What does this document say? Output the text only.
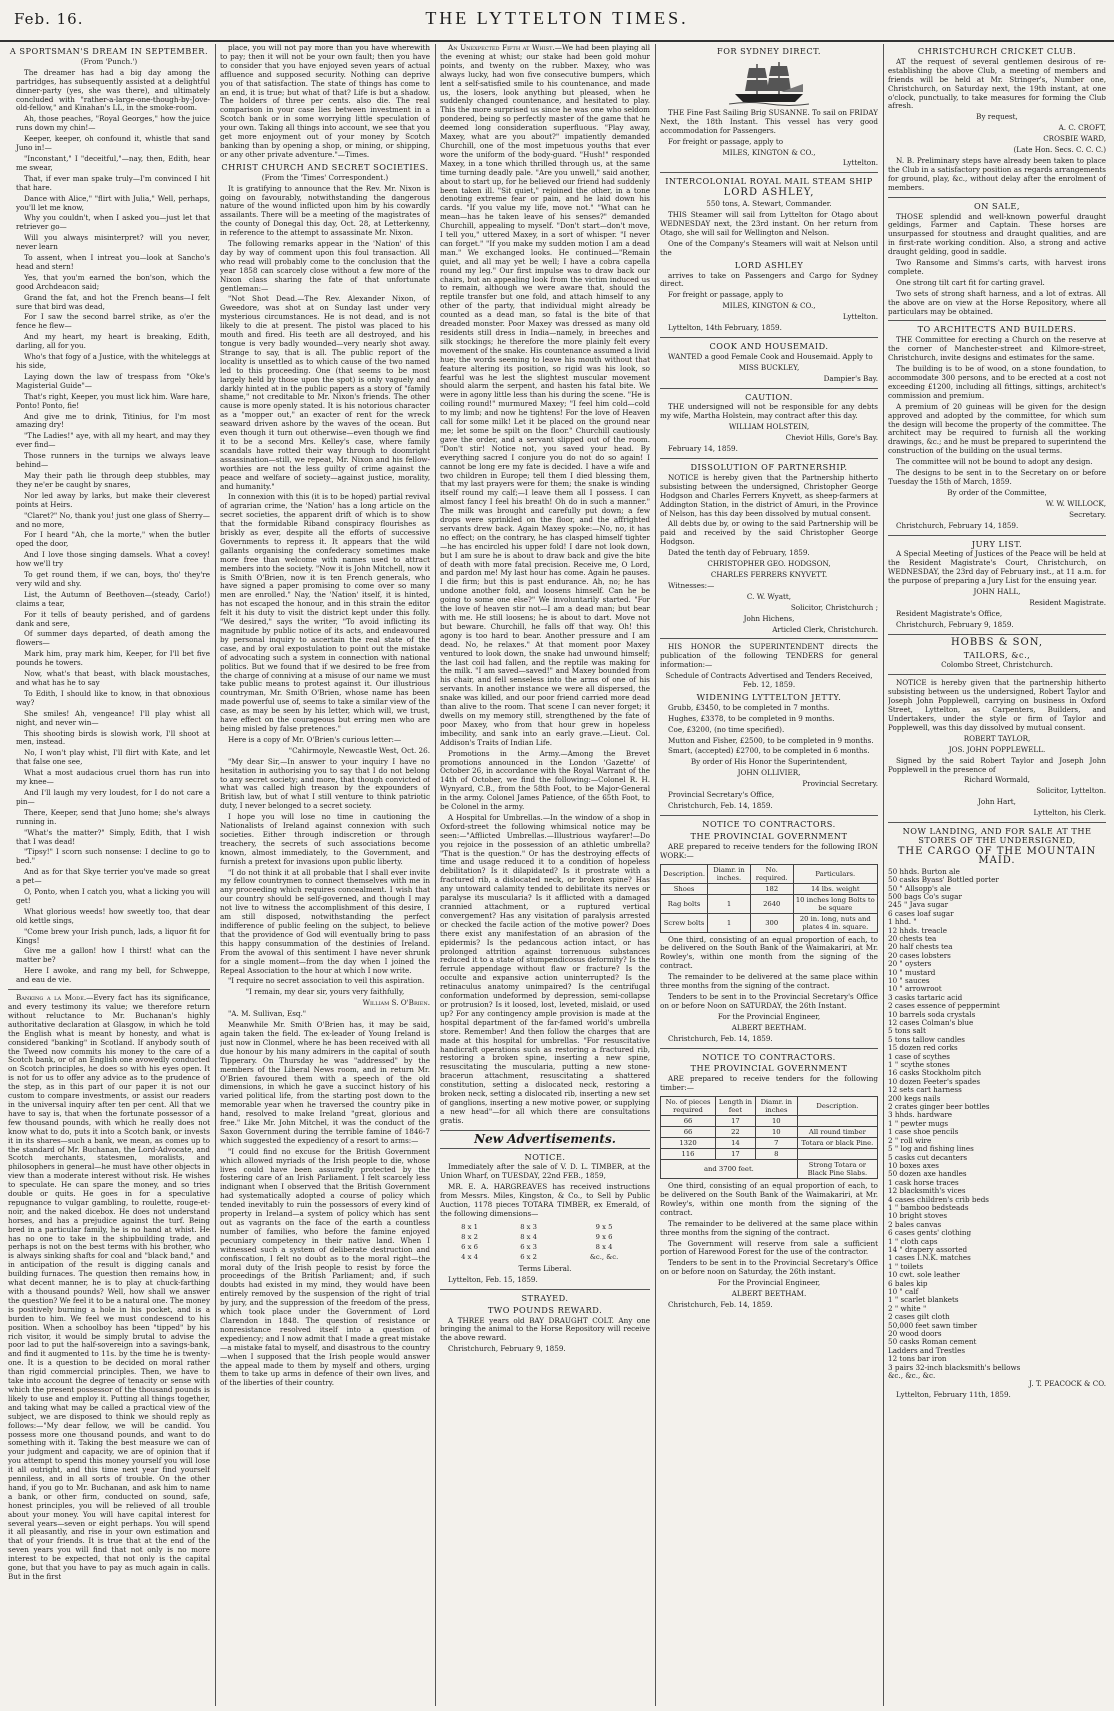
Feb. 16.	THE LYTTELTON TIMES.
A SPORTSMAN'S DREAM IN SEPTEMBER.

(From 'Punch.')

The dreamer has had a big day among the partridges, has subsequently assisted at a delightful dinner-party (yes, she was there), and ultimately concluded with "rather-a-large-one-though-by-Jove-old-fellow," and Kinahan's LL, in the smoke-room.

Ah, those peaches, "Royal Georges," how the juice runs down my chin!—

Keeper, keeper, oh confound it, whistle that sand Juno in!—

"Inconstant," I "deceitful,"—nay, then, Edith, hear me swear,

That, if ever man spake truly—I'm convinced I hit that hare.

Dance with Alice," "flirt with Julia," Well, perhaps, you'll let me know,

Why you couldn't, when I asked you—just let that retriever go—

Will you always misinterpret? will you never, never learn

To assent, when I intreat you—look at Sancho's head and stern!

Yes, that you'm earned the bon'son, which the good Archdeacon said;

Grand the fat, and hot the French beans—I felt sure that bird was dead,

For I saw the second barrel strike, as o'er the fence he flew—

And my heart, my heart is breaking, Edith, darling, all for you.

Who's that fogy of a Justice, with the whiteleggs at his side,

Laying down the law of trespass from "Oke's Magisterial Guide"—

That's right, Keeper, you must lick him. Ware hare, Ponto! Ponto, fie!

And give me to drink, Titinius, for I'm most amazing dry!

"The Ladies!" aye, with all my heart, and may they ever find—

Those runners in the turnips we always leave behind—

May their path lie through deep stubbles, may they ne'er be caught by snares,

Nor led away by larks, but make their cleverest points at Heirs.

"Claret?" No, thank you! just one glass of Sherry—and no more,

For I heard "Ah, che la morte," when the butler oped the door,

And I love those singing damsels. What a covey! how we'll try

To get round them, if we can, boys, tho' they're very wild and shy.

List, the Autumn of Beethoven—(steady, Carlo!) claims a tear,

For it tells of beauty perished, and of gardens dank and sere,

Of summer days departed, of death among the flowers—

Mark him, pray mark him, Keeper, for I'll bet five pounds he towers.

Now, what's that beast, with black moustaches, and what has he to say

To Edith, I should like to know, in that obnoxious way?

She smiles! Ah, vengeance! I'll play whist all night, and never win—

This shooting birds is slowish work, I'll shoot at men, instead.

No, I won't play whist, I'll flirt with Kate, and let that false one see,

What a most audacious cruel thorn has run into my knee—

And I'll laugh my very loudest, for I do not care a pin—

There, Keeper, send that Juno home; she's always running in.

"What's the matter?" Simply, Edith, that I wish that I was dead!

"Tipsy!" I scorn such nonsense: I decline to go to bed."

And as for that Skye terrier you've made so great a pet—

O, Ponto, when I catch you, what a licking you will get!

What glorious weeds! how sweetly too, that dear old kettle sings,

"Come brew your Irish punch, lads, a liquor fit for Kings!

Give me a gallon! how I thirst! what can the matter be?

Here I awoke, and rang my bell, for Schweppe, and eau de vie.

Banking a la Mode.—Every fact has its significance, and every testimony its value; we therefore return without reluctance to Mr. Buchanan's highly authoritative declaration at Glasgow, in which he told the English what is meant by honesty, and what is considered "banking" in Scotland. If anybody south of the Tweed now commits his money to the care of a Scotch bank, or of an English one avowedly conducted on Scotch principles, he does so with his eyes open. It is not for us to offer any advice as to the prudence of the step, as in this part of our paper it is not our custom to compare investments, or assist our readers in the universal inquiry after ten per cent. All that we have to say is, that when the fortunate possessor of a few thousand pounds, with which he really does not know what to do, puts it into a Scotch bank, or invests it in its shares—such a bank, we mean, as comes up to the standard of Mr. Buchanan, the Lord-Advocate, and Scotch merchants, statesmen, moralists, and philosophers in general—he must have other objects in view than a moderate interest without risk. He wishes to speculate. He can spare the money, and so tries double or quits. He goes in for a speculative repugnance to vulgar gambling, to roulette, rouge-et-noir, and the naked dicebox. He does not understand horses, and has a prejudice against the turf. Being bred in a particular family, he is no hand at whist. He has no one to take in the shipbuilding trade, and perhaps is not on the best terms with his brother, who is always sinking shafts for coal and "black band," and in anticipation of the result is digging canals and building furnaces. The question then remains how, in what decent manner, he is to play at chuck-farthing with a thousand pounds? Well, how shall we answer the question? We feel it to be a natural one. The money is positively burning a hole in his pocket, and is a burden to him. We feel we must condescend to his position. When a schoolboy has been "tipped" by his rich visitor, it would be simply brutal to advise the poor lad to put the half-sovereign into a savings-bank, and find it augmented to 11s. by the time he is twenty-one. It is a question to be decided on moral rather than rigid commercial principles. Then, we have to take into account the degree of tenacity or sense with which the present possessor of the thousand pounds is likely to use and employ it. Putting all things together, and taking what may be called a practical view of the subject, we are disposed to think we should reply as follows:—"My dear fellow, we will be candid. You possess more one thousand pounds, and want to do something with it. Taking the best measure we can of your judgment and capacity, we are of opinion that if you attempt to spend this money yourself you will lose it all outright, and this time next year find yourself penniless, and in all sorts of trouble. On the other hand, if you go to Mr. Buchanan, and ask him to name a bank, or other firm, conducted on sound, safe, honest principles, you will be relieved of all trouble about your money. You will have capital interest for several years—seven or eight perhaps. You will spend it all pleasantly, and rise in your own estimation and that of your friends. It is true that at the end of the seven years you will find that not only is no more interest to be expected, that not only is the capital gone, but that you have to pay as much again in calls. But in the first

place, you will not pay more than you have wherewith to pay; then it will not be your own fault; then you have to consider that you have enjoyed seven years of actual affluence and supposed security. Nothing can deprive you of that satisfaction. The state of things has come to an end, it is true; but what of that? Life is but a shadow. The holders of three per cents. also die. The real comparison in your case lies between investment in a Scotch bank or in some worrying little speculation of your own. Taking all things into account, we see that you get more enjoyment out of your money by Scotch banking than by opening a shop, or mining, or shipping, or any other private adventure."—Times.

CHRIST CHURCH AND SECRET SOCIETIES.

(From the 'Times' Correspondent.)

It is gratifying to announce that the Rev. Mr. Nixon is going on favourably, notwithstanding the dangerous nature of the wound inflicted upon him by his cowardly assailants. There will be a meeting of the magistrates of the county of Donegal this day, Oct. 28, at Letterkenny, in reference to the attempt to assassinate Mr. Nixon.

The following remarks appear in the 'Nation' of this day by way of comment upon this foul transaction. All who read will probably come to the conclusion that the year 1858 can scarcely close without a few more of the Nixon class sharing the fate of that unfortunate gentleman:—

"Not Shot Dead.—The Rev. Alexander Nixon, of Gweedore, was shot at on Sunday last under very mysterious circumstances. He is not dead, and is not likely to die at present. The pistol was placed to his mouth and fired. His teeth are all destroyed, and his tongue is very badly wounded—very nearly shot away. Strange to say, that is all. The public report of the locality is unsettled as to which cause of the two named led to this proceeding. One (that seems to be most largely held by those upon the spot) is only vaguely and darkly hinted at in the public papers as a story of "family shame," not creditable to Mr. Nixon's friends. The other cause is more openly stated. It is his notorious character as a "mopper out," an exacter of rent for the wreck seaward driven ashore by the waves of the ocean. But even though it turn out otherwise—even though we find it to be a second Mrs. Kelley's case, where family scandals have rotted their way through to doomright assassination—still, we repeat, Mr. Nixon and his fellow-worthies are not the less guilty of crime against the peace and welfare of society—against justice, morality, and humanity."

In connexion with this (it is to be hoped) partial revival of agrarian crime, the 'Nation' has a long article on the secret societies, the apparent drift of which is to show that the formidable Riband conspiracy flourishes as briskly as ever, despite all the efforts of successive Governments to repress it. It appears that the wild gallants organising the confederacy sometimes make more free than welcome with names used to attract members into the society. "Now it is John Mitchell, now it is Smith O'Brien, now it is ten French generals, who have signed a paper promising to come over so many men are enrolled." Nay, the 'Nation' itself, it is hinted, has not escaped the honour, and in this strain the editor felt it his duty to visit the district kept under this folly. "We desired," says the writer, "To avoid inflicting its magnitude by public notice of its acts, and endeavoured by personal inquiry to ascertain the real state of the case, and by oral expostulation to point out the mistake of advocating such a system in connection with national politics. But we found that if we desired to be free from the charge of conniving at a misuse of our name we must take public means to protest against it. Our illustrious countryman, Mr. Smith O'Brien, whose name has been made powerful use of, seems to take a similar view of the case, as may be seen by his letter, which will, we trust, have effect on the courageous but erring men who are being misled by false pretences."

Here is a copy of Mr. O'Brien's curious letter:—

"Cahirmoyle, Newcastle West, Oct. 26.

"My dear Sir,—In answer to your inquiry I have no hesitation in authorising you to say that I do not belong to any secret society; and more, that though convicted of what was called high treason by the expounders of British law, but of what I still venture to think patriotic duty, I never belonged to a secret society.

I hope you will lose no time in cautioning the Nationalists of Ireland against connexion with such societies. Either through indiscretion or through treachery, the secrets of such associations become known, almost immediately, to the Government, and furnish a pretext for invasions upon public liberty.

"I do not think it at all probable that I shall ever invite my fellow countrymen to connect themselves with me in any proceeding which requires concealment. I wish that our country should be self-governed, and though I may not live to witness the accomplishment of this desire, I am still disposed, notwithstanding the perfect indifference of public feeling on the subject, to believe that the providence of God will eventually bring to pass this happy consummation of the destinies of Ireland. From the avowal of this sentiment I have never shrunk for a single moment—from the day when I joined the Repeal Association to the hour at which I now write.

"I require no secret association to veil this aspiration.

"I remain, my dear sir, yours very faithfully,

William S. O'Brien.

"A. M. Sullivan, Esq."

Meanwhile Mr. Smith O'Brien has, it may be said, again taken the field. The ex-leader of Young Ireland is just now in Clonmel, where he has been received with all due honour by his many admirers in the capital of south Tipperary. On Thursday he was "addressed" by the members of the Liberal News room, and in return Mr. O'Brien favoured them with a speech of the old dimensions, in which he gave a succinct history of his varied political life, from the starting post down to the memorable year when he traversed the country pike in hand, resolved to make Ireland "great, glorious and free." Like Mr. John Mitchel, it was the conduct of the Saxon Government during the terrible famine of 1846-7 which suggested the expediency of a resort to arms:—

"I could find no excuse for the British Government which allowed myriads of the Irish people to die, whose lives could have been assuredly protected by the fostering care of an Irish Parliament. I felt scarcely less indignant when I observed that the British Government had systematically adopted a course of policy which tended inevitably to ruin the possessors of every kind of property in Ireland—a system of policy which has sent out as vagrants on the face of the earth a countless number of families, who before the famine enjoyed pecuniary competency in their native land. When I witnessed such a system of deliberate destruction and confiscation, I felt no doubt as to the moral right—the moral duty of the Irish people to resist by force the proceedings of the British Parliament; and, if such doubts had existed in my mind, they would have been entirely removed by the suspension of the right of trial by jury, and the suppression of the freedom of the press, which took place under the Government of Lord Clarendon in 1848. The question of resistance or nonresistance resolved itself into a question of expediency; and I now admit that I made a great mistake—a mistake fatal to myself, and disastrous to the country—when I supposed that the Irish people would answer the appeal made to them by myself and others, urging them to take up arms in defence of their own lives, and of the liberties of their country.

An Unexpected Fifth at Whist.—We had been playing all the evening at whist; our stake had been gold mohur points, and twenty on the rubber. Maxey, who was always lucky, had won five consecutive bumpers, which lent a self-satisfied smile to his countenance, and made us, the losers, look anything but pleased, when he suddenly changed countenance, and hesitated to play. This the more surprised us since he was one who seldom pondered, being so perfectly master of the game that he deemed long consideration superfluous. "Play away, Maxey, what are you about?" impatiently demanded Churchill, one of the most impetuous youths that ever wore the uniform of the body-guard. "Hush!" responded Maxey, in a tone which thrilled through us, at the same time turning deadly pale. "Are you unwell," said another, about to start up, for he believed our friend had suddenly been taken ill. "Sit quiet," rejoined the other, in a tone denoting extreme fear or pain, and he laid down his cards. "If you value my life, move not." "What can he mean—has he taken leave of his senses?" demanded Churchill, appealing to myself. "Don't start—don't move, I tell you," uttered Maxey, in a sort of whisper. "I never can forget." "If you make my sudden motion I am a dead man." We exchanged looks. He continued—"Remain quiet, and all may yet be well; I have a cobra capella round my leg." Our first impulse was to draw back our chairs, but an appealing look from the victim induced us to remain, although we were aware that, should the reptile transfer but one fold, and attach himself to any other of the party, that individual might already be counted as a dead man, so fatal is the bite of that dreaded monster. Poor Maxey was dressed as many old residents still dress in India—namely, in breeches and silk stockings; he therefore the more plainly felt every movement of the snake. His countenance assumed a livid hue; the words seeming to leave his mouth without that feature altering its position, so rigid was his look, so fearful was he lest the slightest muscular movement should alarm the serpent, and hasten his fatal bite. We were in agony little less than his during the scene. "He is coiling round!" murmured Maxey; "I feel him cold—cold to my limb; and now he tightens! For the love of Heaven call for some milk! Let it be placed on the ground near me; let some be spilt on the floor." Churchill cautiously gave the order, and a servant slipped out of the room. "Don't stir! Notice not, you saved your head. By everything sacred I conjure you do not do so again! I cannot be long ere my fate is decided. I have a wife and two children in Europe; tell them I died blessing them, that my last prayers were for them; the snake is winding itself round my calf;—I leave them all I possess. I can almost fancy I feel his breath! Oh do in such a manner." The milk was brought and carefully put down; a few drops were sprinkled on the floor, and the affrighted servants drew back. Again Maxey spoke:—No, no, it has no effect; on the contrary, he has clasped himself tighter—he has encircled his upper fold! I dare not look down, but I am sure he is about to draw back and give the bite of death with more fatal precision. Receive me, O Lord, and pardon me! My last hour has come. Again he pauses. I die firm; but this is past endurance. Ah, no; he has undone another fold, and loosens himself. Can he be going to some one else?" We involuntarily started. "For the love of heaven stir not—I am a dead man; but bear with me. He still loosens; he is about to dart. Move not but beware. Churchill, he falls off that way. Oh! this agony is too hard to bear. Another pressure and I am dead. No, he relaxes." At that moment poor Maxey ventured to look down, the snake had unwound himself; the last coil had fallen, and the reptile was making for the milk. "I am saved—saved!" and Maxey bounded from his chair, and fell senseless into the arms of one of his servants. In another instance we were all dispersed, the snake was killed, and our poor friend carried more dead than alive to the room. That scene I can never forget; it dwells on my memory still, strengthened by the fate of poor Maxey, who from that hour grew in hopeless imbecility, and sank into an early grave.—Lieut. Col. Addison's Traits of Indian Life.

Promotions in the Army.—Among the Brevet promotions announced in the London 'Gazette' of October 26, in accordance with the Royal Warrant of the 14th of October, we find the following:—Colonel R. H. Wynyard, C.B., from the 58th Foot, to be Major-General in the army. Colonel James Patience, of the 65th Foot, to be Colonel in the army.

A Hospital for Umbrellas.—In the window of a shop in Oxford-street the following whimsical notice may be seen:—"Afflicted Umbrellas.—Illustrious wayfarer!—Do you rejoice in the possession of an athletic umbrella? "That is the question." Or has the destroying effects of time and usage reduced it to a condition of hopeless debilitation? Is it dilapidated? Is it prostrate with a fractured rib, a dislocated neck, or broken spine? Has any untoward calamity tended to debilitate its nerves or paralyse its muscularia? Is it afflicted with a damaged crannied attachment, or a ruptured vertical convergement? Has any visitation of paralysis arrested or checked the facile action of the motive power? Does there exist any manifestation of an abrasion of the epidermis? Is the pedancous action intact, or has prolonged attrition against torrenuous substances reduced it to a state of stumpendicosus deformity? Is the ferrule appendage without flaw or fracture? Is the occulte and expansive action uninterrupted? Is the retinaculus anatomy unimpaired? Is the centrifugal conformation undeformed by depression, semi-collapse or protrusion? Is it loosed, lost, leveted, mislaid, or used up? For any contingency ample provision is made at the hospital department of the far-famed world's umbrella store. Remember! And then follow the charges that are made at this hospital for umbrellas. "For resuscitative handicraft operations such as restoring a fractured rib, restoring a broken spine, inserting a new spine, resuscitating the muscularia, putting a new stone-bracerun attachment, resuscitating a shattered constitution, setting a dislocated neck, restoring a broken neck, setting a dislocated rib, inserting a new set of ganglions, inserting a new motive power, or supplying a new head"—for all which there are consultations gratis.

New Advertisements.
NOTICE.

Immediately after the sale of V. D. L. TIMBER, at the Union Wharf, on TUESDAY, 22nd FEB., 1859,

MR. E. A. HARGREAVES has received instructions from Messrs. Miles, Kingston, & Co., to Sell by Public Auction, 1178 pieces TOTARA TIMBER, ex Emerald, of the following dimensions—

8 x 1	8 x 3	9 x 5
8 x 2	8 x 4	9 x 6
6 x 6	6 x 3	8 x 4
4 x 4	6 x 2	&c., &c.

Terms Liberal.

Lyttelton, Feb. 15, 1859.

STRAYED.
TWO POUNDS REWARD.

A THREE years old BAY DRAUGHT COLT. Any one bringing the animal to the Horse Repository will receive the above reward.

Christchurch, February 9, 1859.

FOR SYDNEY DIRECT.

THE Fine Fast Sailing Brig SUSANNE. To sail on FRIDAY Next, the 18th Instant. This vessel has very good accommodation for Passengers.

For freight or passage, apply to

MILES, KINGTON & CO.,

Lyttelton.

INTERCOLONIAL ROYAL MAIL STEAM SHIP
LORD ASHLEY,

550 tons, A. Stewart, Commander.

THIS Steamer will sail from Lyttelton for Otago about WEDNESDAY next, the 23rd instant. On her return from Otago, she will sail for Wellington and Nelson.

One of the Company's Steamers will wait at Nelson until the

LORD ASHLEY

arrives to take on Passengers and Cargo for Sydney direct.

For freight or passage, apply to

MILES, KINGTON & CO.,

Lyttelton.

Lyttelton, 14th February, 1859.

COOK AND HOUSEMAID.

WANTED a good Female Cook and Housemaid. Apply to

MISS BUCKLEY,

Dampier's Bay.

CAUTION.

THE undersigned will not be responsible for any debts my wife, Martha Holstein, may contract after this day.

WILLIAM HOLSTEIN,

Cheviot Hills, Gore's Bay.

February 14, 1859.

DISSOLUTION OF PARTNERSHIP.

NOTICE is hereby given that the Partnership hitherto subsisting between the undersigned, Christopher George Hodgson and Charles Ferrers Knyvett, as sheep-farmers at Addington Station, in the district of Amuri, in the Province of Nelson, has this day been dissolved by mutual consent.

All debts due by, or owing to the said Partnership will be paid and received by the said Christopher George Hodgson.

Dated the tenth day of February, 1859.

CHRISTOPHER GEO. HODGSON,

CHARLES FERRERS KNYVETT.

Witnesses:—

C. W. Wyatt,

Solicitor, Christchurch ;

John Hichens,

Articled Clerk, Christchurch.

HIS HONOR the SUPERINTENDENT directs the publication of the following TENDERS for general information:—

Schedule of Contracts Advertised and Tenders Received, Feb. 12, 1859.

WIDENING LYTTELTON JETTY.

Grubb, £3450, to be completed in 7 months.

Hughes, £3378, to be completed in 9 months.

Coe, £3200, (no time specified).

Mutton and Fisher, £2500, to be completed in 9 months.

Smart, (accepted) £2700, to be completed in 6 months.

By order of His Honor the Superintendent,

JOHN OLLIVIER,

Provincial Secretary.

Provincial Secretary's Office,

Christchurch, Feb. 14, 1859.

NOTICE TO CONTRACTORS.
THE PROVINCIAL GOVERNMENT

ARE prepared to receive tenders for the following IRON WORK:—

Description.	Diamr. in inches.	No. required.	Particulars.
Shoes		182	14 lbs. weight
Rag bolts	1	2640	10 inches long Bolts to be square
Screw bolts	1	300	20 in. long, nuts and plates 4 in. square.

One third, consisting of an equal proportion of each, to be delivered on the South Bank of the Waimakariri, at Mr. Rowley's, within one month from the signing of the contract.

The remainder to be delivered at the same place within three months from the signing of the contract.

Tenders to be sent in to the Provincial Secretary's Office on or before Noon on SATURDAY, the 26th Instant.

For the Provincial Engineer,

ALBERT BEETHAM.

Christchurch, Feb. 14, 1859.

NOTICE TO CONTRACTORS.
THE PROVINCIAL GOVERNMENT

ARE prepared to receive tenders for the following timber:—

No. of pieces required	Length in feet	Diamr. in inches	Description.
66	17	10	
66	22	10	All round timber
1320	14	7	Totara or black Pine.
116	17	8	
and 3700 feet.			Strong Totara or Black Pine Slabs.

One third, consisting of an equal proportion of each, to be delivered on the South Bank of the Waimakariri, at Mr. Rowley's, within one month from the signing of the contract.

The remainder to be delivered at the same place within three months from the signing of the contract.

The Government will reserve from sale a sufficient portion of Harewood Forest for the use of the contractor.

Tenders to be sent in to the Provincial Secretary's Office on or before noon on Saturday, the 26th instant.

For the Provincial Engineer,

ALBERT BEETHAM.

Christchurch, Feb. 14, 1859.

CHRISTCHURCH CRICKET CLUB.

AT the request of several gentlemen desirous of re-establishing the above Club, a meeting of members and friends will be held at Mr. Stringer's, Number one, Christchurch, on Saturday next, the 19th instant, at one o'clock, punctually, to take measures for forming the Club afresh.

By request,

A. C. CROFT,

CROSBIE WARD,

(Late Hon. Secs. C. C. C.)

N. B. Preliminary steps have already been taken to place the Club in a satisfactory position as regards arrangements for ground, play, &c., without delay after the enrolment of members.

ON SALE,

THOSE splendid and well-known powerful draught geldings, Farmer and Captain. These horses are unsurpassed for stoutness and draught qualities, and are in first-rate working condition. Also, a strong and active draught gelding, good in saddle.

Two Ransome and Simms's carts, with harvest irons complete.

One strong tilt cart fit for carting gravel.

Two sets of strong shaft harness, and a lot of extras. All the above are on view at the Horse Repository, where all particulars may be obtained.

TO ARCHITECTS AND BUILDERS.

THE Committee for erecting a Church on the reserve at the corner of Manchester-street and Kilmore-street, Christchurch, invite designs and estimates for the same.

The building is to be of wood, on a stone foundation, to accommodate 300 persons, and to be erected at a cost not exceeding £1200, including all fittings, sittings, architect's commission and premium.

A premium of 20 guineas will be given for the design approved and adopted by the committee, for which sum the design will become the property of the committee. The architect may be required to furnish all the working drawings, &c.; and he must be prepared to superintend the construction of the building on the usual terms.

The committee will not be bound to adopt any design.

The designs to be sent in to the Secretary on or before Tuesday the 15th of March, 1859.

By order of the Committee,

W. W. WILLOCK,

Secretary.

Christchurch, February 14, 1859.

JURY LIST.

A Special Meeting of Justices of the Peace will be held at the Resident Magistrate's Court, Christchurch, on WEDNESDAY, the 23rd day of February inst., at 11 a.m. for the purpose of preparing a Jury List for the ensuing year.

JOHN HALL,

Resident Magistrate.

Resident Magistrate's Office,

Christchurch, February 9, 1859.

HOBBS & SON,
TAILORS, &c.,

Colombo Street, Christchurch.

NOTICE is hereby given that the partnership hitherto subsisting between us the undersigned, Robert Taylor and Joseph John Popplewell, carrying on business in Oxford Street, Lyttelton, as Carpenters, Builders, and Undertakers, under the style or firm of Taylor and Popplewell, was this day dissolved by mutual consent.

ROBERT TAYLOR,

JOS. JOHN POPPLEWELL.

Signed by the said Robert Taylor and Joseph John Popplewell in the presence of

Richard Wormald,

Solicitor, Lyttelton.

John Hart,

Lyttelton, his Clerk.

NOW LANDING, AND FOR SALE AT THE STORES OF THE UNDERSIGNED,
THE CARGO OF THE MOUNTAIN MAID.

50 hhds. Burton ale

50 casks Byass' Bottled porter

50 " Allsopp's ale

500 bags Co's sugar

245 " Java sugar

6 cases loaf sugar

1 hhd. "

12 hhds. treacle

20 chests tea

20 half chests tea

20 cases lobsters

20 " oysters

10 " mustard

10 " sauces

10 " arrowroot

3 casks tartaric acid

2 cases essence of peppermint

10 barrels soda crystals

12 cases Colman's blue

5 tons salt

5 tons tallow candles

15 dozen red corks

1 case of scythes

1 " scythe stones

16 casks Stockholm pitch

10 dozen Feeter's spades

12 sets cart harness

200 kegs nails

2 crates ginger beer bottles

3 hhds. hardware

1 " pewter mugs

1 case shoe pencils

2 " roll wire

5 " log and fishing lines

5 casks cut decanters

10 boxes axes

50 dozen axe handles

1 cask horse traces

12 blacksmith's vices

4 cases children's crib beds

1 " bamboo bedsteads

10 bright stoves

2 bales canvas

6 cases gents' clothing

1 " cloth caps

14 " drapery assorted

1 cases I.N.K. matches

1 " toilets

10 cwt. sole leather

6 bales kip

10 " calf

1 " scarlet blankets

2 " white "

2 cases gilt cloth

50,000 feet sawn timber

20 wood doors

50 casks Roman cement

Ladders and Trestles

12 tons bar iron

3 pairs 32-inch blacksmith's bellows

&c., &c., &c.

J. T. PEACOCK & CO.

Lyttelton, February 11th, 1859.
